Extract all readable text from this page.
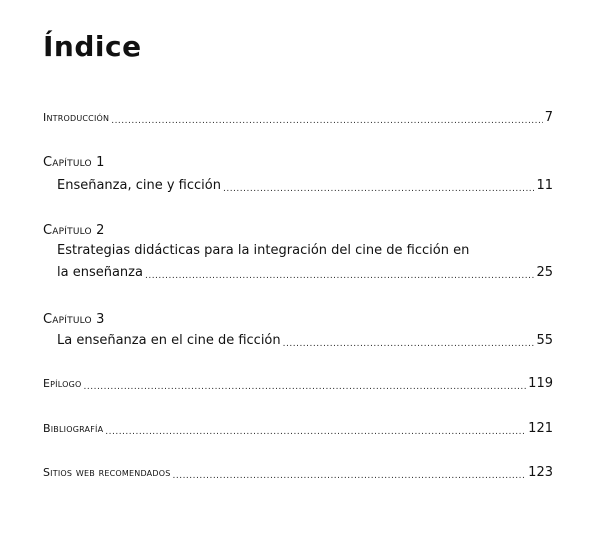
Índice
Introducción .....	7
Capítulo 1
Enseñanza, cine y ficción .....	11
Capítulo 2
Estrategias didácticas para la integración del cine de ficción en
la enseñanza .....	25
Capítulo 3
La enseñanza en el cine de ficción .....	55
Epílogo .....	119
Bibliografía .....	121
Sitios web recomendados .....	123
